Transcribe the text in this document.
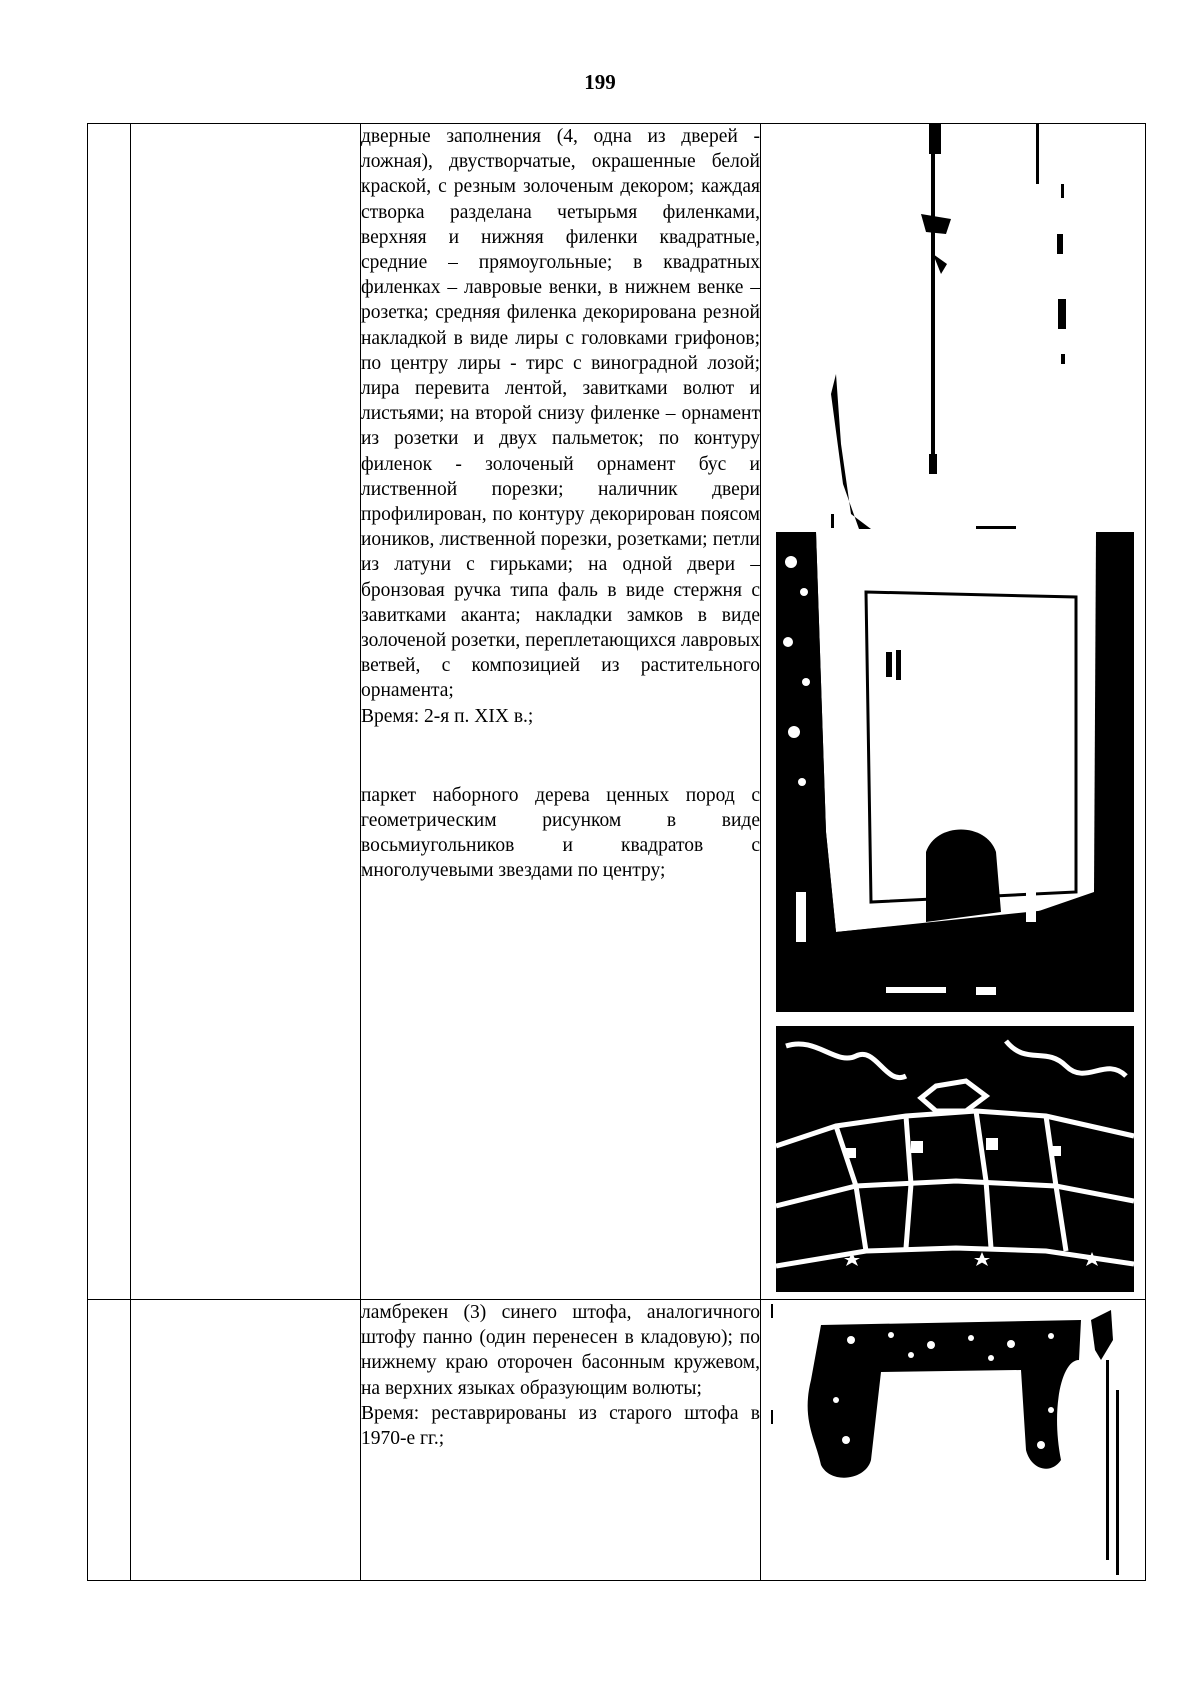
199

		дверные заполнения (4, одна из дверей - ложная), двустворчатые, окрашенные белой краской, с резным золоченым декором; каждая створка разделана четырьмя филенками, верхняя и нижняя филенки квадратные, средние – прямоугольные; в квадратных филенках – лавровые венки, в нижнем венке – розетка; средняя филенка декорирована резной накладкой в виде лиры с головками грифонов; по центру лиры - тирс с виноградной лозой; лира перевита лентой, завитками волют и листьями; на второй снизу филенке – орнамент из розетки и двух пальметок; по контуру филенок - золоченый орнамент бус и лиственной порезки; наличник двери профилирован, по контуру декорирован поясом иоников, лиственной порезки, розетками; петли из латуни с гирьками; на одной двери – бронзовая ручка типа фаль в виде стержня с завитками аканта; накладки замков в виде золоченой розетки, переплетающихся лавровых ветвей, с композицией из растительного орнамента;

Время: 2-я п. XIX в.;

паркет наборного дерева ценных пород с геометрическим рисунком в виде восьмиугольников и квадратов с многолучевыми звездами по центру;

		ламбрекен (3) синего штофа, аналогичного штофу панно (один перенесен в кладовую); по нижнему краю оторочен басонным кружевом, на верхних языках образующим волюты;

Время: реставрированы из старого штофа в 1970-е гг.;
